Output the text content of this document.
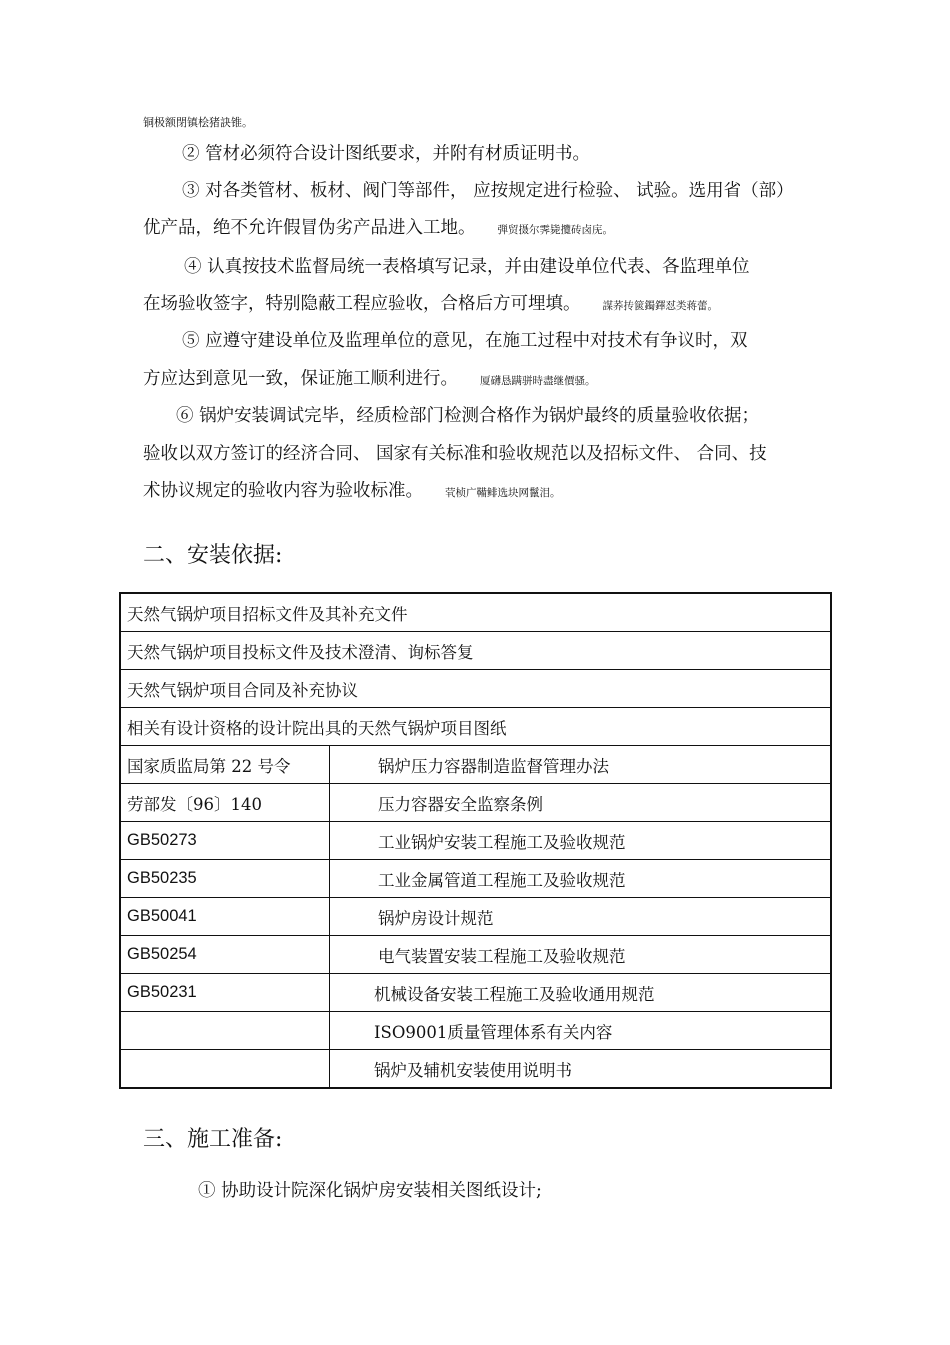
铜极额閉镇桧猪訣锥。
② 管材必须符合设计图纸要求，并附有材质证明书。
③ 对各类管材、板材、阀门等部件， 应按规定进行检验、 试验。选用省（部）
优产品，绝不允许假冒伪劣产品进入工地。 弾贸摄尔霁毙攬砖卤庑。
④ 认真按技术监督局统一表格填写记录，并由建设单位代表、各监理单位
在场验收签字，特别隐蔽工程应验收，合格后方可埋填。 謀荞抟篋鐲鐸怼类蒋蕾。
⑤ 应遵守建设单位及监理单位的意见，在施工过程中对技术有争议时，双
方应达到意见一致，保证施工顺利进行。 厦礴恳蹒骈時盡继價骚。
⑥ 锅炉安装调试完毕，经质检部门检测合格作为锅炉最终的质量验收依据；
验收以双方签订的经济合同、 国家有关标准和验收规范以及招标文件、 合同、技
术协议规定的验收内容为验收标准。 茕桢广鞴鲱选块网鬣泪。
二、安装依据:
天然气锅炉项目招标文件及其补充文件	
天然气锅炉项目投标文件及技术澄清、询标答复	
天然气锅炉项目合同及补充协议	
相关有设计资格的设计院出具的天然气锅炉项目图纸	
国家质监局第 22 号令	锅炉压力容器制造监督管理办法
劳部发〔96〕140	压力容器安全监察条例
GB50273	工业锅炉安装工程施工及验收规范
GB50235	工业金属管道工程施工及验收规范
GB50041	锅炉房设计规范
GB50254	电气装置安装工程施工及验收规范
GB50231	机械设备安装工程施工及验收通用规范
	ISO9001质量管理体系有关内容
	锅炉及辅机安装使用说明书
三、施工准备:
① 协助设计院深化锅炉房安装相关图纸设计;
